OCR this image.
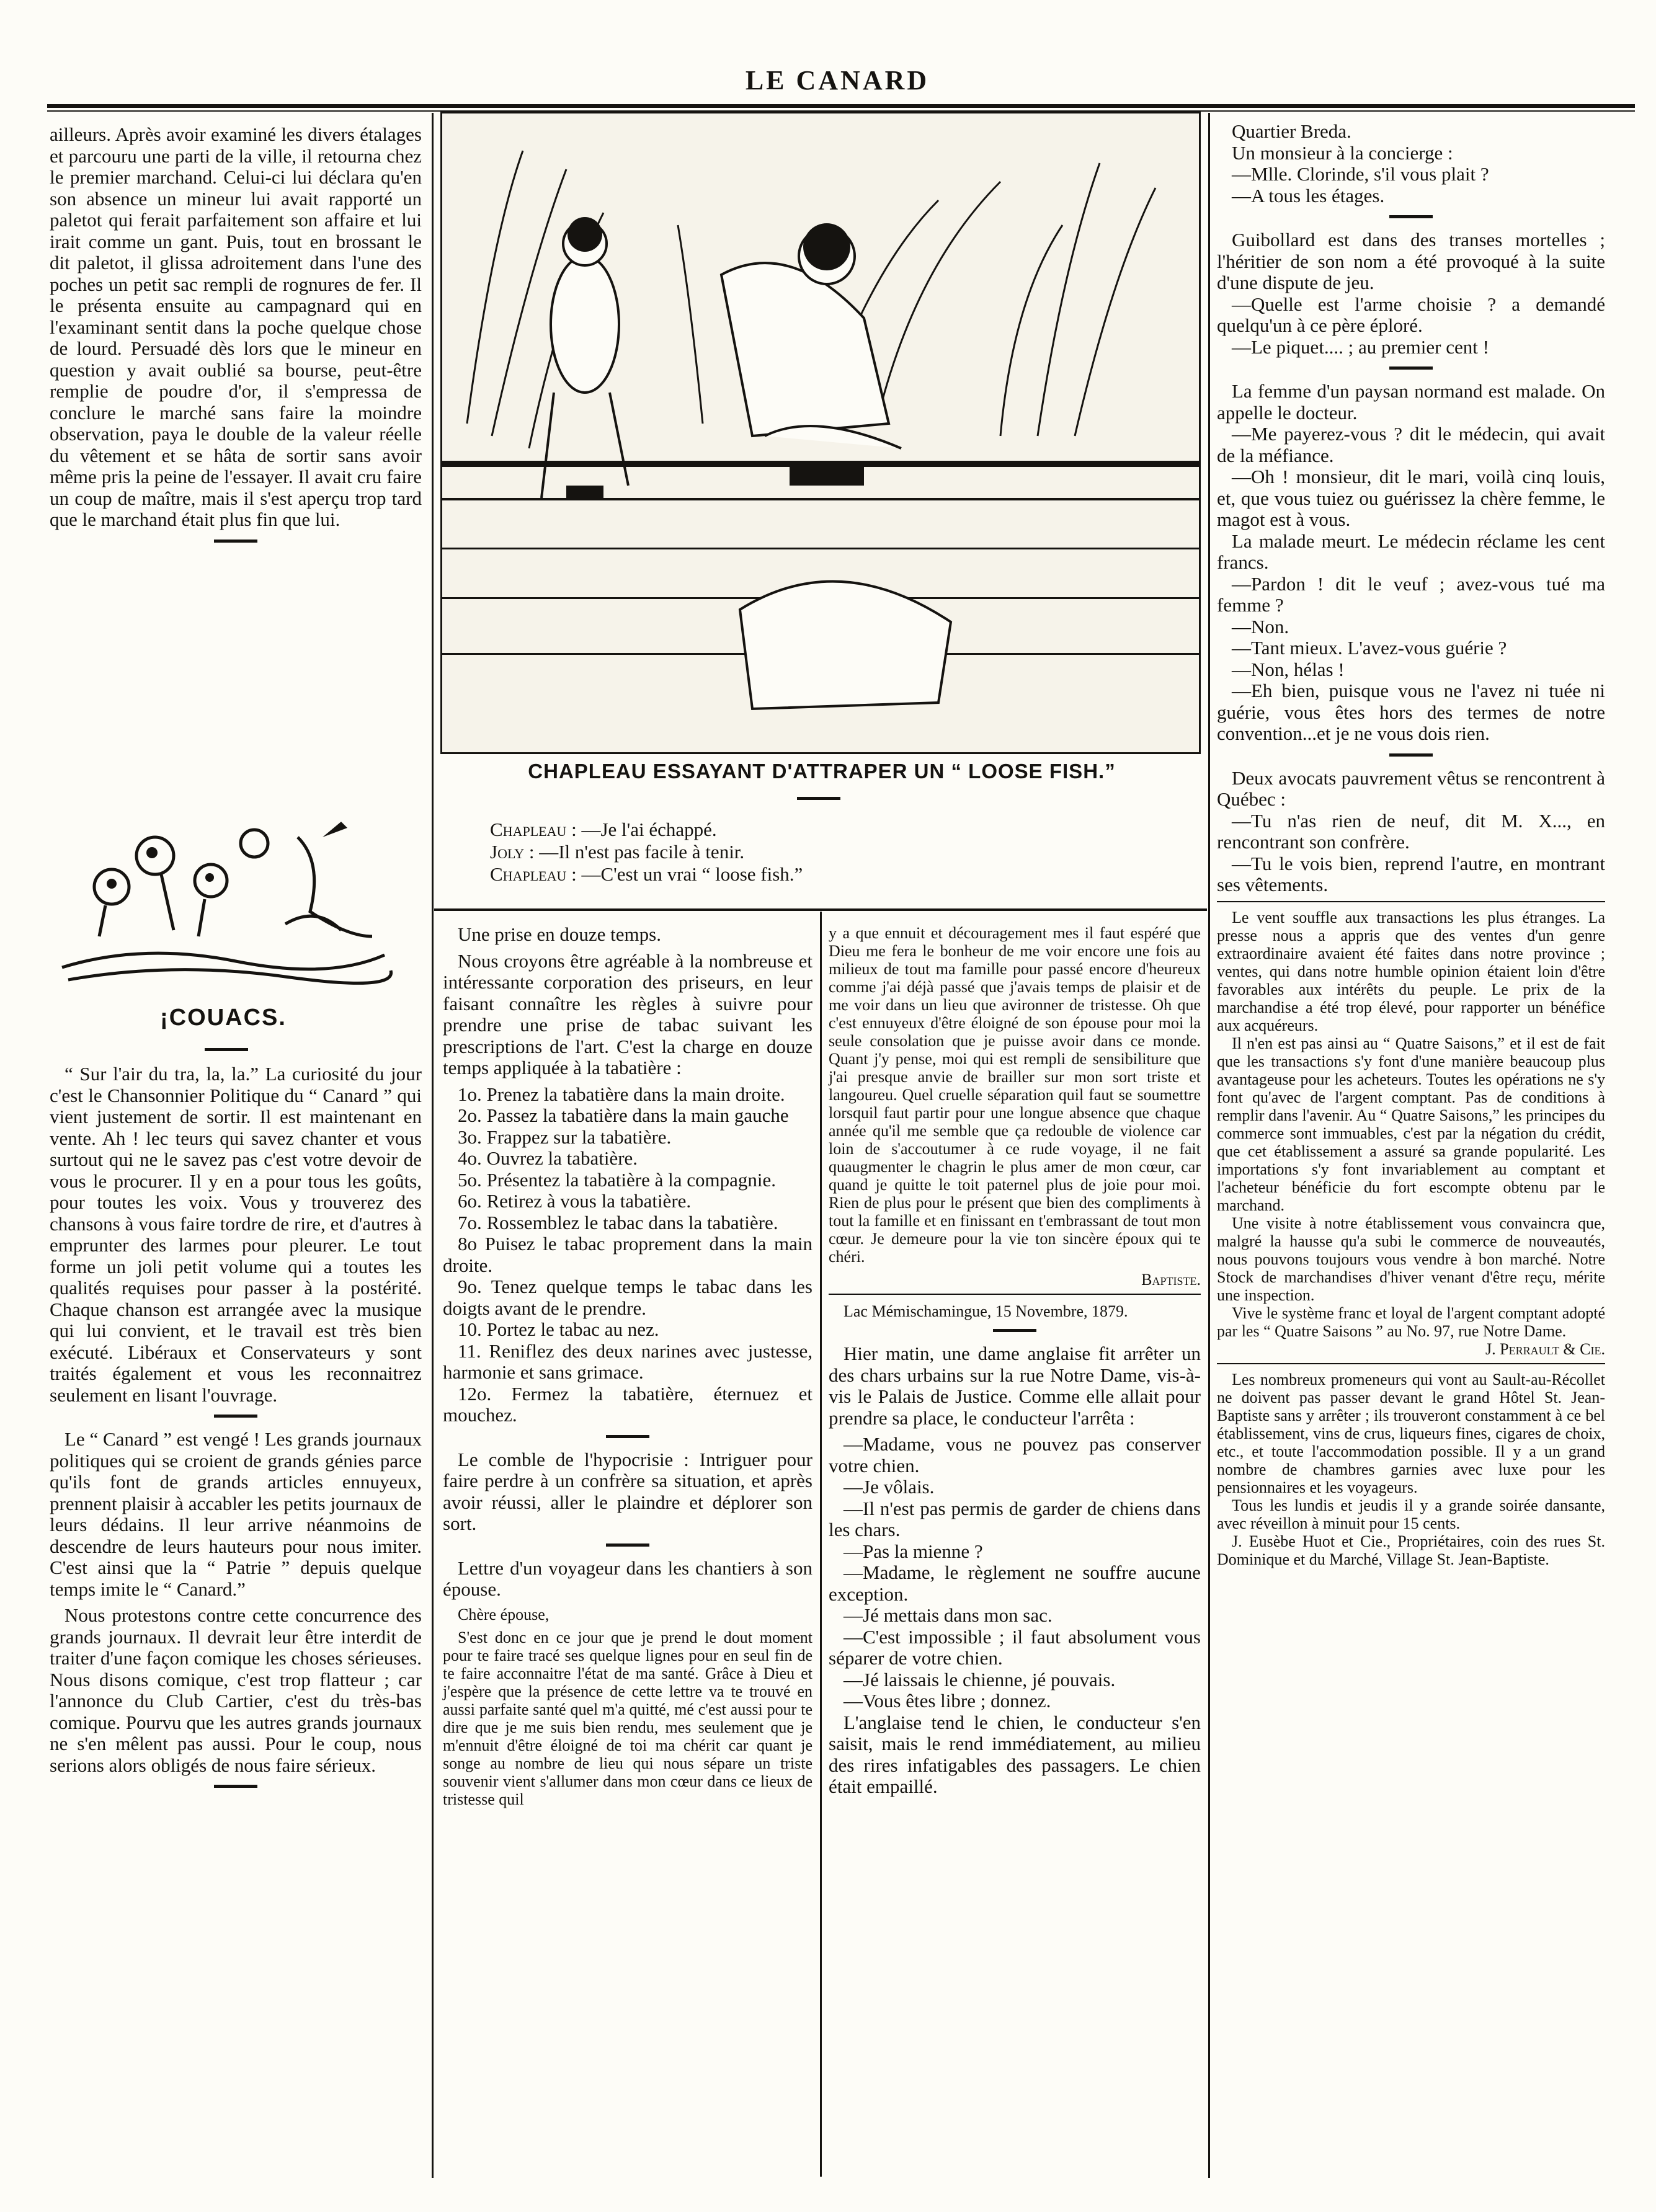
LE CANARD

ailleurs. Après avoir examiné les divers étalages et parcouru une parti de la ville, il retourna chez le premier marchand. Celui-ci lui déclara qu'en son absence un mineur lui avait rapporté un paletot qui ferait parfaitement son affaire et lui irait comme un gant. Puis, tout en brossant le dit paletot, il glissa adroitement dans l'une des poches un petit sac rempli de rognures de fer. Il le présenta ensuite au campagnard qui en l'examinant sentit dans la poche quelque chose de lourd. Persuadé dès lors que le mineur en question y avait oublié sa bourse, peut-être remplie de poudre d'or, il s'empressa de conclure le marché sans faire la moindre observation, paya le double de la valeur réelle du vêtement et se hâta de sortir sans avoir même pris la peine de l'essayer. Il avait cru faire un coup de maître, mais il s'est aperçu trop tard que le marchand était plus fin que lui.

¡COUACS.

“ Sur l'air du tra, la, la.” La curiosité du jour c'est le Chansonnier Politique du “ Canard ” qui vient justement de sortir. Il est maintenant en vente. Ah ! lec teurs qui savez chanter et vous surtout qui ne le savez pas c'est votre devoir de vous le procurer. Il y en a pour tous les goûts, pour toutes les voix. Vous y trouverez des chansons à vous faire tordre de rire, et d'autres à emprunter des larmes pour pleurer. Le tout forme un joli petit volume qui a toutes les qualités requises pour passer à la postérité. Chaque chanson est arrangée avec la musique qui lui convient, et le travail est très bien exécuté. Libéraux et Conservateurs y sont traités également et vous les reconnaitrez seulement en lisant l'ouvrage.

Le “ Canard ” est vengé ! Les grands journaux politiques qui se croient de grands génies parce qu'ils font de grands articles ennuyeux, prennent plaisir à accabler les petits journaux de leurs dédains. Il leur arrive néanmoins de descendre de leurs hauteurs pour nous imiter. C'est ainsi que la “ Patrie ” depuis quelque temps imite le “ Canard.”

Nous protestons contre cette concurrence des grands journaux. Il devrait leur être interdit de traiter d'une façon comique les choses sérieuses. Nous disons comique, c'est trop flatteur ; car l'annonce du Club Cartier, c'est du très-bas comique. Pourvu que les autres grands journaux ne s'en mêlent pas aussi. Pour le coup, nous serions alors obligés de nous faire sérieux.

CHAPLEAU ESSAYANT D'ATTRAPER UN “ LOOSE FISH.”
Chapleau : —Je l'ai échappé.
Joly : —Il n'est pas facile à tenir.
Chapleau : —C'est un vrai “ loose fish.”

Une prise en douze temps.

Nous croyons être agréable à la nombreuse et intéressante corporation des priseurs, en leur faisant connaître les règles à suivre pour prendre une prise de tabac suivant les prescriptions de l'art. C'est la charge en douze temps appliquée à la tabatière :

1o. Prenez la tabatière dans la main droite.

2o. Passez la tabatière dans la main gauche

3o. Frappez sur la tabatière.

4o. Ouvrez la tabatière.

5o. Présentez la tabatière à la compagnie.

6o. Retirez à vous la tabatière.

7o. Rossemblez le tabac dans la tabatière.

8o Puisez le tabac proprement dans la main droite.

9o. Tenez quelque temps le tabac dans les doigts avant de le prendre.

10. Portez le tabac au nez.

11. Reniflez des deux narines avec justesse, harmonie et sans grimace.

12o. Fermez la tabatière, éternuez et mouchez.

Le comble de l'hypocrisie : Intriguer pour faire perdre à un confrère sa situation, et après avoir réussi, aller le plaindre et déplorer son sort.

Lettre d'un voyageur dans les chantiers à son épouse.

Chère épouse,

S'est donc en ce jour que je prend le dout moment pour te faire tracé ses quelque lignes pour en seul fin de te faire acconnaitre l'état de ma santé. Grâce à Dieu et j'espère que la présence de cette lettre va te trouvé en aussi parfaite santé quel m'a quitté, mé c'est aussi pour te dire que je me suis bien rendu, mes seulement que je m'ennuit d'être éloigné de toi ma chérit car quant je songe au nombre de lieu qui nous sépare un triste souvenir vient s'allumer dans mon cœur dans ce lieux de tristesse quil

y a que ennuit et découragement mes il faut espéré que Dieu me fera le bonheur de me voir encore une fois au milieux de tout ma famille pour passé encore d'heureux comme j'ai déjà passé que j'avais temps de plaisir et de me voir dans un lieu que avironner de tristesse. Oh que c'est ennuyeux d'être éloigné de son épouse pour moi la seule consolation que je puisse avoir dans ce monde. Quant j'y pense, moi qui est rempli de sensibiliture que j'ai presque anvie de brailler sur mon sort triste et langoureu. Quel cruelle séparation quil faut se soumettre lorsquil faut partir pour une longue absence que chaque année qu'il me semble que ça redouble de violence car loin de s'accoutumer à ce rude voyage, il ne fait quaugmenter le chagrin le plus amer de mon cœur, car quand je quitte le toit paternel plus de joie pour moi. Rien de plus pour le présent que bien des compliments à tout la famille et en finissant en t'embrassant de tout mon cœur. Je demeure pour la vie ton sincère époux qui te chéri.

Baptiste.

Lac Mémischamingue, 15 Novembre, 1879.

Hier matin, une dame anglaise fit arrêter un des chars urbains sur la rue Notre Dame, vis-à-vis le Palais de Justice. Comme elle allait pour prendre sa place, le conducteur l'arrêta :

—Madame, vous ne pouvez pas conserver votre chien.

—Je vôlais.

—Il n'est pas permis de garder de chiens dans les chars.

—Pas la mienne ?

—Madame, le règlement ne souffre aucune exception.

—Jé mettais dans mon sac.

—C'est impossible ; il faut absolument vous séparer de votre chien.

—Jé laissais le chienne, jé pouvais.

—Vous êtes libre ; donnez.

L'anglaise tend le chien, le conducteur s'en saisit, mais le rend immédiatement, au milieu des rires infatigables des passagers. Le chien était empaillé.

Quartier Breda.

Un monsieur à la concierge :

—Mlle. Clorinde, s'il vous plait ?

—A tous les étages.

Guibollard est dans des transes mortelles ; l'héritier de son nom a été provoqué à la suite d'une dispute de jeu.

—Quelle est l'arme choisie ? a demandé quelqu'un à ce père éploré.

—Le piquet.... ; au premier cent !

La femme d'un paysan normand est malade. On appelle le docteur.

—Me payerez-vous ? dit le médecin, qui avait de la méfiance.

—Oh ! monsieur, dit le mari, voilà cinq louis, et, que vous tuiez ou guérissez la chère femme, le magot est à vous.

La malade meurt. Le médecin réclame les cent francs.

—Pardon ! dit le veuf ; avez-vous tué ma femme ?

—Non.

—Tant mieux. L'avez-vous guérie ?

—Non, hélas !

—Eh bien, puisque vous ne l'avez ni tuée ni guérie, vous êtes hors des termes de notre convention...et je ne vous dois rien.

Deux avocats pauvrement vêtus se rencontrent à Québec :

—Tu n'as rien de neuf, dit M. X..., en rencontrant son confrère.

—Tu le vois bien, reprend l'autre, en montrant ses vêtements.

Le vent souffle aux transactions les plus étranges. La presse nous a appris que des ventes d'un genre extraordinaire avaient été faites dans notre province ; ventes, qui dans notre humble opinion étaient loin d'être favorables aux intérêts du peuple. Le prix de la marchandise a été trop élevé, pour rapporter un bénéfice aux acquéreurs.

Il n'en est pas ainsi au “ Quatre Saisons,” et il est de fait que les transactions s'y font d'une manière beaucoup plus avantageuse pour les acheteurs. Toutes les opérations ne s'y font qu'avec de l'argent comptant. Pas de conditions à remplir dans l'avenir. Au “ Quatre Saisons,” les principes du commerce sont immuables, c'est par la négation du crédit, que cet établissement a assuré sa grande popularité. Les importations s'y font invariablement au comptant et l'acheteur bénéficie du fort escompte obtenu par le marchand.

Une visite à notre établissement vous convaincra que, malgré la hausse qu'a subi le commerce de nouveautés, nous pouvons toujours vous vendre à bon marché. Notre Stock de marchandises d'hiver venant d'être reçu, mérite une inspection.

Vive le système franc et loyal de l'argent comptant adopté par les “ Quatre Saisons ” au No. 97, rue Notre Dame.

J. Perrault & Cie.

Les nombreux promeneurs qui vont au Sault-au-Récollet ne doivent pas passer devant le grand Hôtel St. Jean-Baptiste sans y arrêter ; ils trouveront constamment à ce bel établissement, vins de crus, liqueurs fines, cigares de choix, etc., et toute l'accommodation possible. Il y a un grand nombre de chambres garnies avec luxe pour les pensionnaires et les voyageurs.

Tous les lundis et jeudis il y a grande soirée dansante, avec réveillon à minuit pour 15 cents.

J. Eusèbe Huot et Cie., Propriétaires, coin des rues St. Dominique et du Marché, Village St. Jean-Baptiste.
